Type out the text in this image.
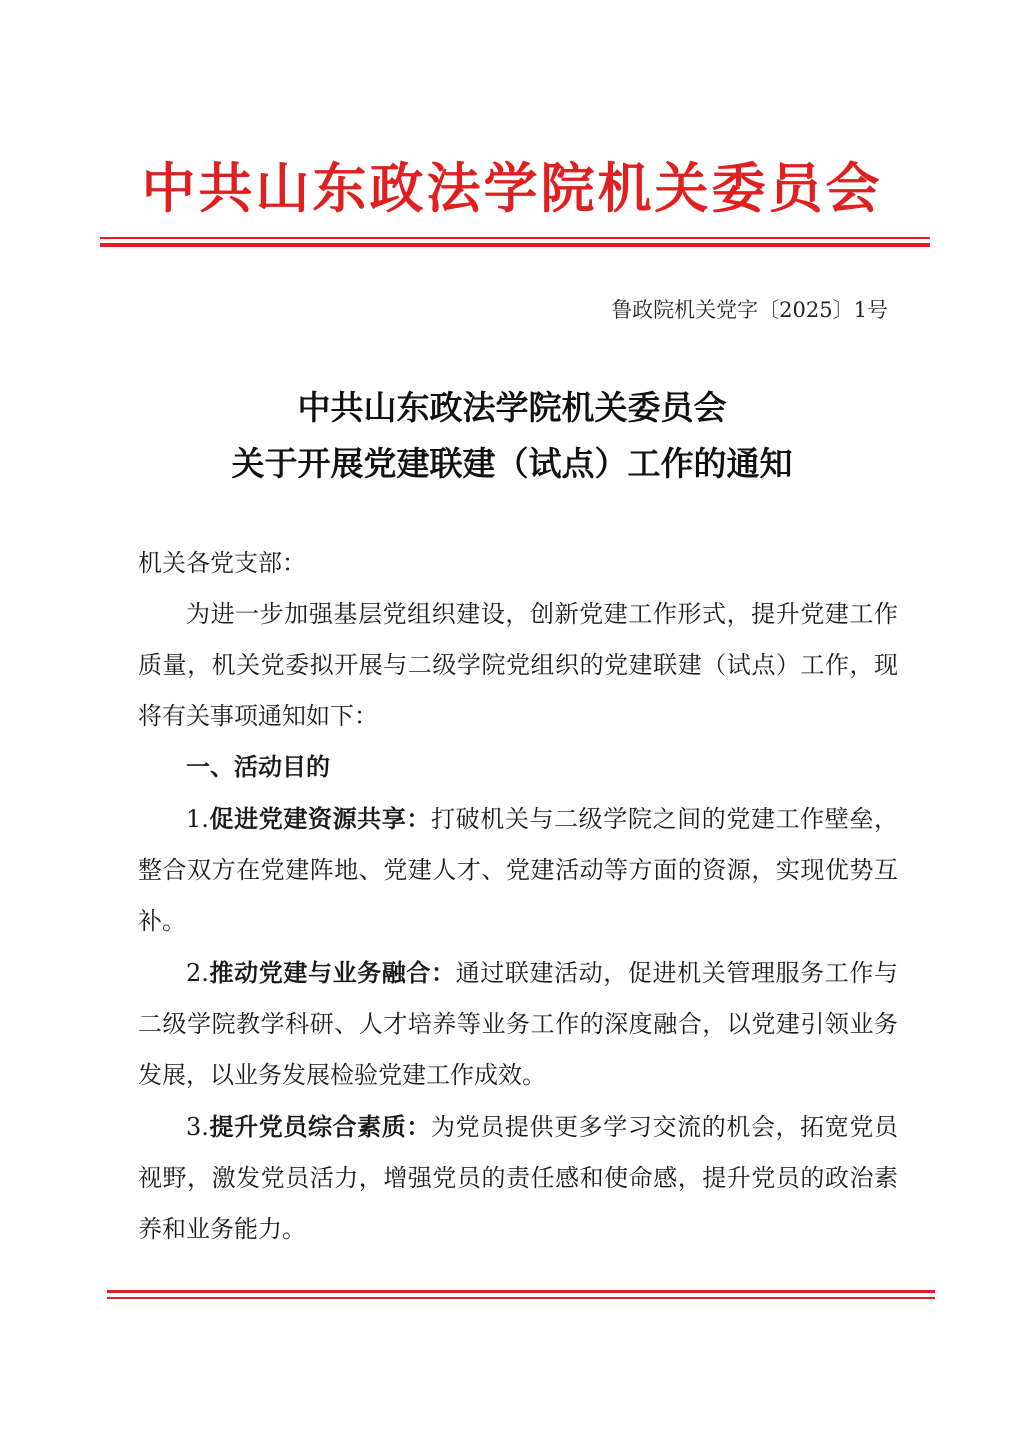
中共山东政法学院机关委员会
鲁政院机关党字〔2025〕1号
中共山东政法学院机关委员会
关于开展党建联建（试点）工作的通知

机关各党支部：

为进一步加强基层党组织建设，创新党建工作形式，提升党建工作质量，机关党委拟开展与二级学院党组织的党建联建（试点）工作，现将有关事项通知如下：

一、活动目的

1.促进党建资源共享：打破机关与二级学院之间的党建工作壁垒，整合双方在党建阵地、党建人才、党建活动等方面的资源，实现优势互补。

2.推动党建与业务融合：通过联建活动，促进机关管理服务工作与二级学院教学科研、人才培养等业务工作的深度融合，以党建引领业务发展，以业务发展检验党建工作成效。

3.提升党员综合素质：为党员提供更多学习交流的机会，拓宽党员视野，激发党员活力，增强党员的责任感和使命感，提升党员的政治素养和业务能力。
